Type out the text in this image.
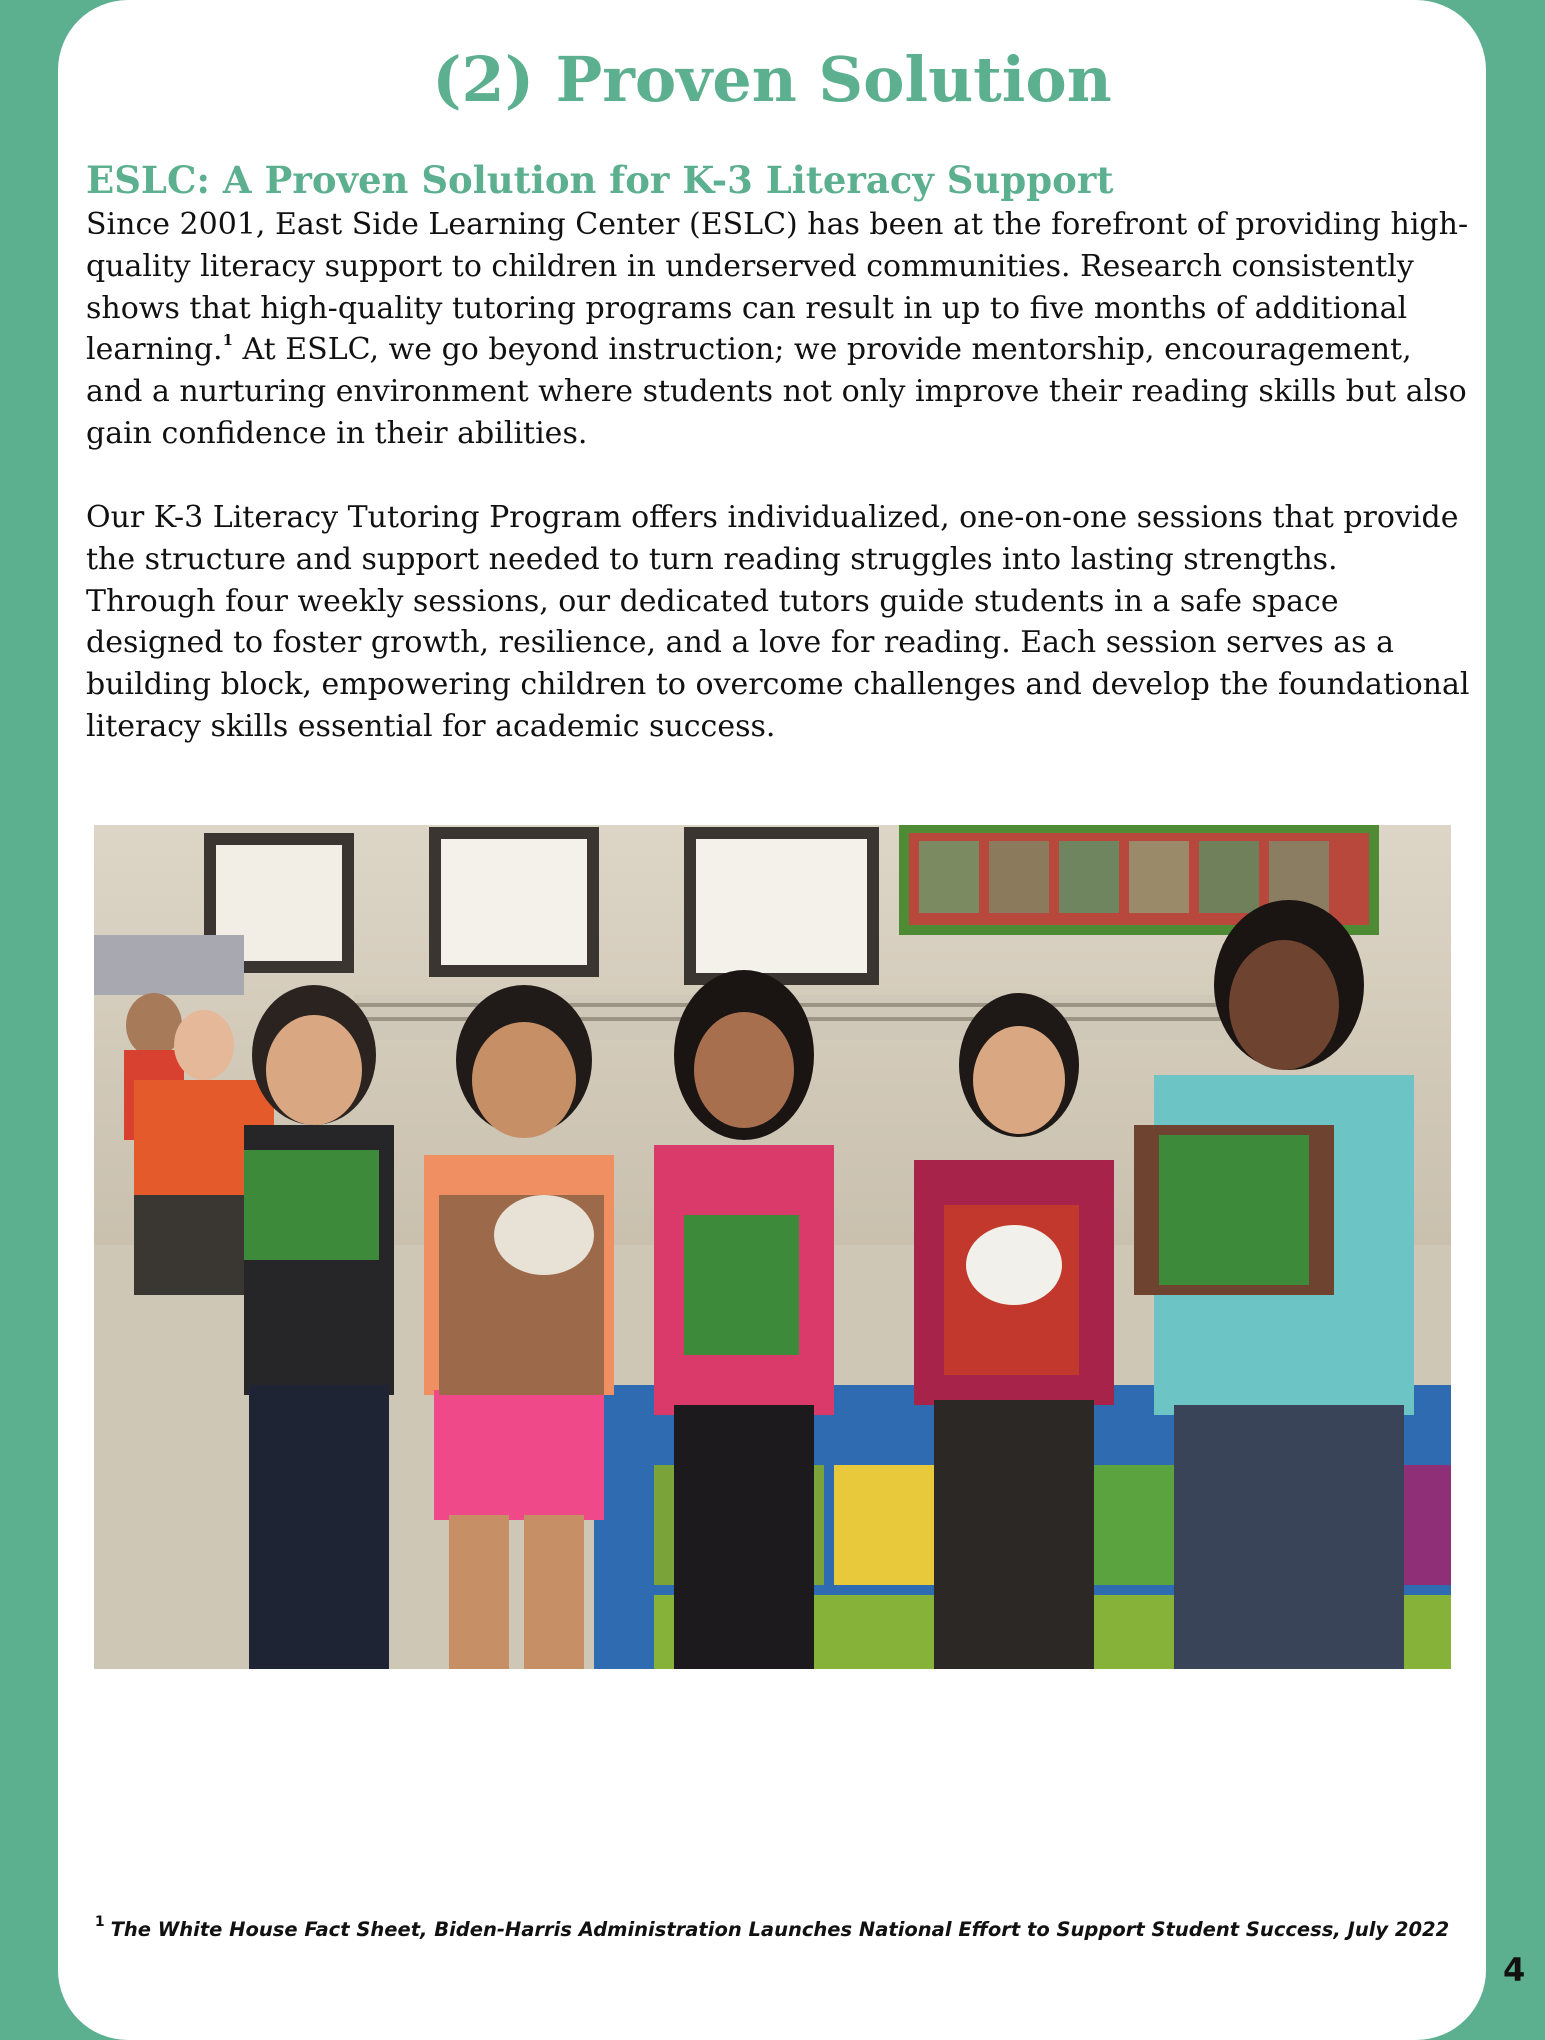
(2) Proven Solution
ESLC: A Proven Solution for K-3 Literacy Support

Since 2001, East Side Learning Center (ESLC) has been at the forefront of providing high-quality literacy support to children in underserved communities. Research consistently shows that high-quality tutoring programs can result in up to five months of additional learning.$^1$ At ESLC, we go beyond instruction; we provide mentorship, encouragement, and a nurturing environment where students not only improve their reading skills but also gain confidence in their abilities.

Our K-3 Literacy Tutoring Program offers individualized, one-on-one sessions that provide the structure and support needed to turn reading struggles into lasting strengths. Through four weekly sessions, our dedicated tutors guide students in a safe space designed to foster growth, resilience, and a love for reading. Each session serves as a building block, empowering children to overcome challenges and develop the foundational literacy skills essential for academic success.

$^1$ The White House Fact Sheet, Biden-Harris Administration Launches National Effort to Support Student Success, July 2022

4
